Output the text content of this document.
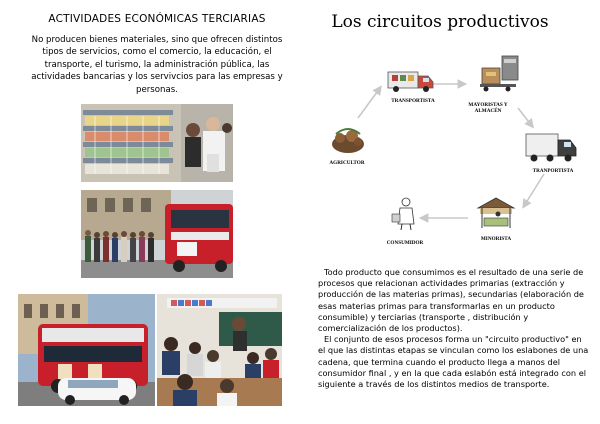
ACTIVIDADES ECONÓMICAS TERCIARIAS
No producen bienes materiales, sino que ofrecen distintos tipos de servicios, como el comercio, la educación, el transporte, el turismo, la administración pública, las actividades bancarias y los servivcios para las empresas y personas.
Los circuitos productivos
TRANSPORTISTA
MAYORISTAS Y ALMACÉN
TRANPORTISTA
MINORISTA
CONSUMIDOR
AGRICULTOR
Todo producto que consumimos es el resultado de una serie de procesos que relacionan actividades primarias (extracción y producción de las materias primas), secundarias (elaboración de esas materias primas para transformarlas en un producto consumible) y terciarias (transporte , distribución y comercialización de los productos).
El conjunto de esos procesos forma un "circuito productivo" en el que las distintas etapas se vinculan como los eslabones de una cadena, que termina cuando el producto llega a manos del consumidor final , y en la que cada eslabón está integrado con el siguiente a través de los distintos medios de transporte.
